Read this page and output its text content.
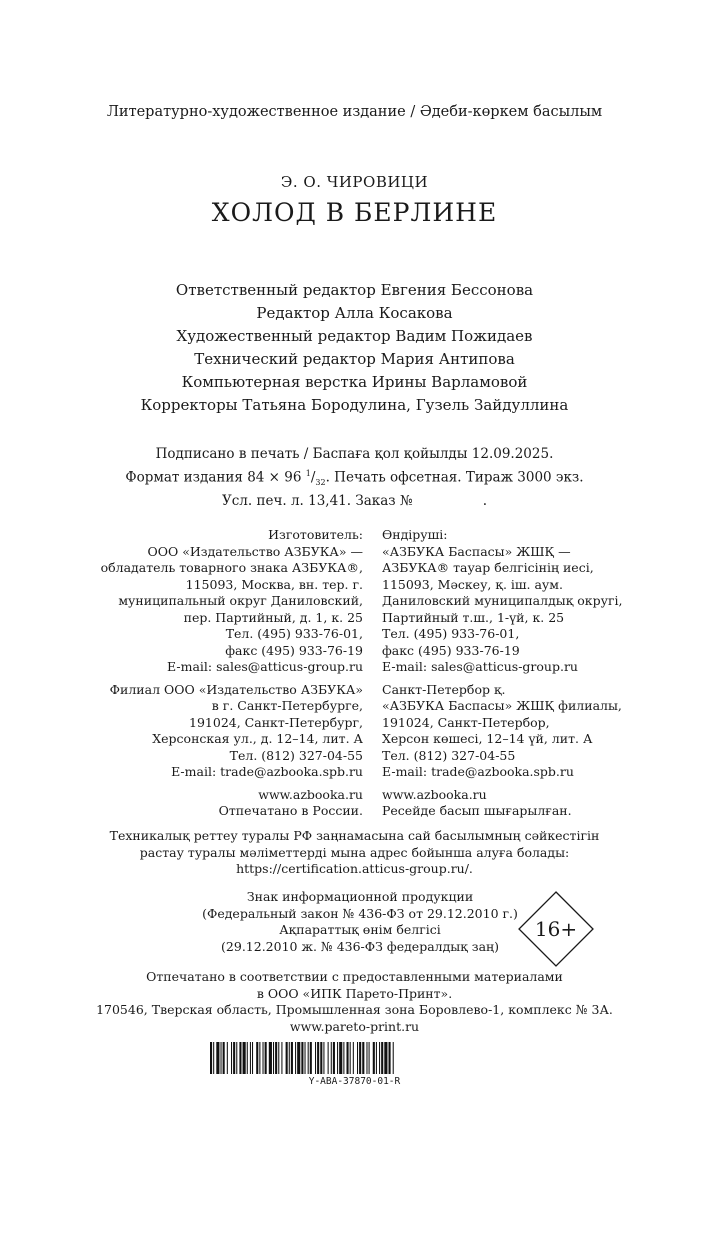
Литературно-художественное издание / Әдеби-көркем басылым
Э. О. ЧИРОВИЦИ
ХОЛОД В БЕРЛИНЕ
Ответственный редактор Евгения Бессонова
Редактор Алла Косакова
Художественный редактор Вадим Пожидаев
Технический редактор Мария Антипова
Компьютерная верстка Ирины Варламовой
Корректоры Татьяна Бородулина, Гузель Зайдуллина
Подписано в печать / Баспаға қол қойылды 12.09.2025.
Формат издания 84 × 96 $^1/_{32}$. Печать офсетная. Тираж 3000 экз.
Усл. печ. л. 13,41. Заказ №	.
Изготовитель:
ООО «Издательство АЗБУКА» —
обладатель товарного знака АЗБУКА®,
115093, Москва, вн. тер. г.
муниципальный округ Даниловский,
пер. Партийный, д. 1, к. 25
Тел. (495) 933-76-01,
факс (495) 933-76-19
E-mail: sales@atticus-group.ru
Филиал ООО «Издательство АЗБУКА»
в г. Санкт-Петербурге,
191024, Санкт-Петербург,
Херсонская ул., д. 12–14, лит. А
Тел. (812) 327-04-55
E-mail: trade@azbooka.spb.ru
www.azbooka.ru
Отпечатано в России.
Өндіруші:
«АЗБУКА Баспасы» ЖШҚ —
АЗБУКА® тауар белгісінің иесі,
115093, Мәскеу, қ. іш. аум.
Даниловский муниципалдық округі,
Партийный т.ш., 1-үй, к. 25
Тел. (495) 933-76-01,
факс (495) 933-76-19
E-mail: sales@atticus-group.ru
Санкт-Петербор қ.
«АЗБУКА Баспасы» ЖШҚ филиалы,
191024, Санкт-Петербор,
Херсон көшесі, 12–14 үй, лит. А
Тел. (812) 327-04-55
E-mail: trade@azbooka.spb.ru
www.azbooka.ru
Ресейде басып шығарылған.
Техникалық реттеу туралы РФ заңнамасына сай басылымның сәйкестігін
растау туралы мәліметтерді мына адрес бойынша алуға болады:
https://certification.atticus-group.ru/.
Знак информационной продукции
(Федеральный закон № 436-ФЗ от 29.12.2010 г.)
Ақпараттық өнім белгісі
(29.12.2010 ж. № 436-ФЗ федералдық заң)
16+
Отпечатано в соответствии с предоставленными материалами
в ООО «ИПК Парето-Принт».
170546, Тверская область, Промышленная зона Боровлево-1, комплекс № 3А.
www.pareto-print.ru
Y-ABA-37870-01-R
